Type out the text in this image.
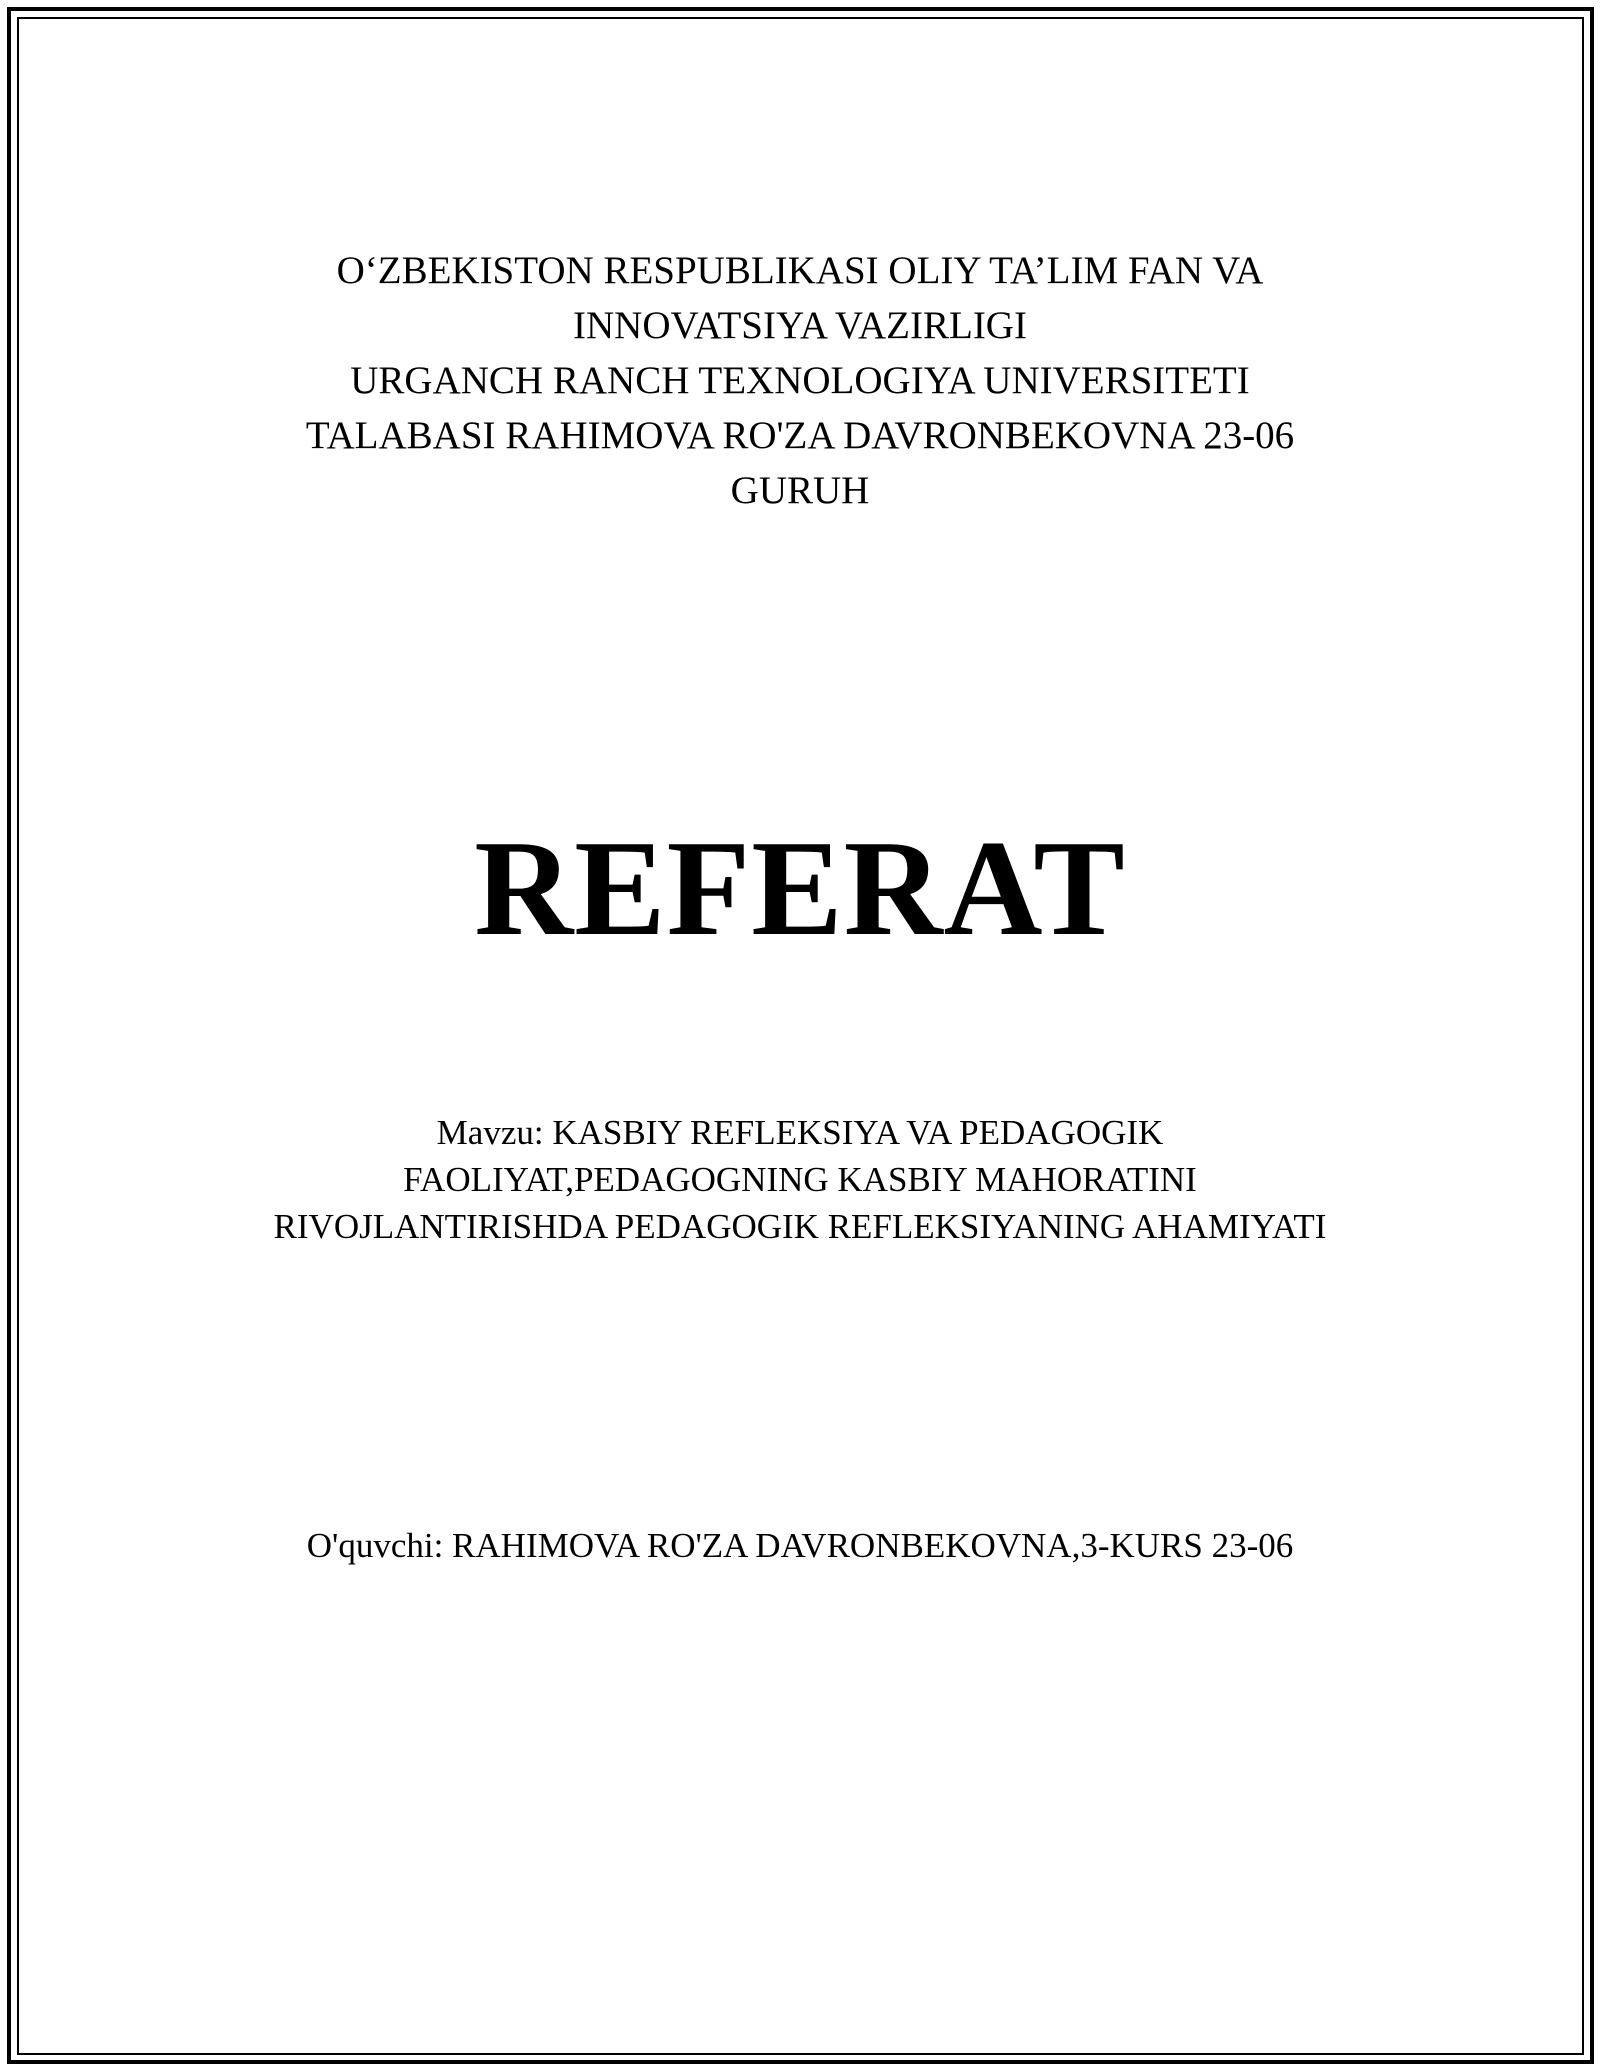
O‘ZBEKISTON RESPUBLIKASI OLIY TA’LIM FAN VA
INNOVATSIYA VAZIRLIGI
URGANCH RANCH TEXNOLOGIYA UNIVERSITETI
TALABASI RAHIMOVA RO'ZA DAVRONBEKOVNA 23-06
GURUH
REFERAT
Mavzu: KASBIY REFLEKSIYA VA PEDAGOGIK
FAOLIYAT,PEDAGOGNING KASBIY MAHORATINI
RIVOJLANTIRISHDA PEDAGOGIK REFLEKSIYANING AHAMIYATI
O'quvchi: RAHIMOVA RO'ZA DAVRONBEKOVNA,3-KURS 23-06
